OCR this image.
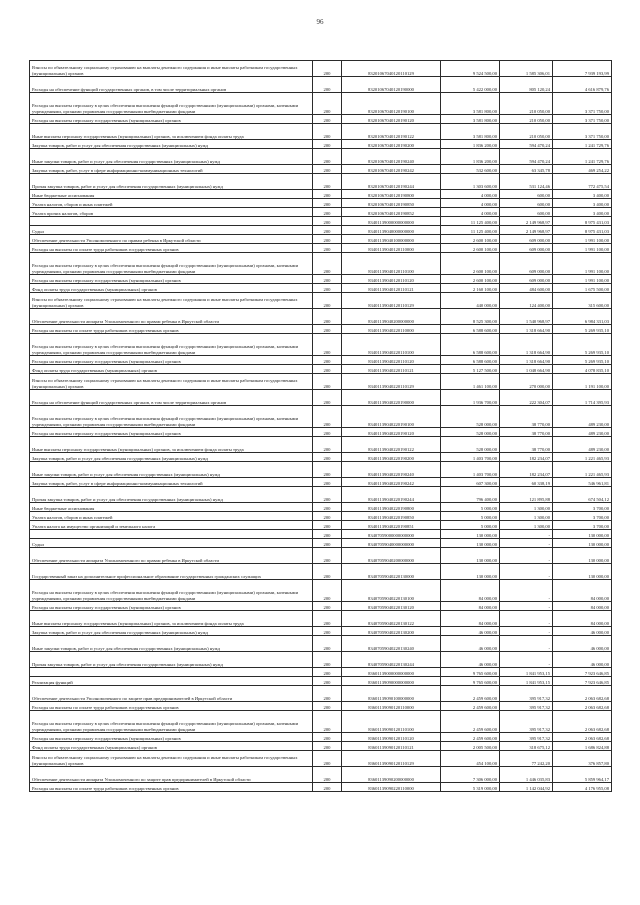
96
Взносы по обязательному социальному страхованию на выплаты денежного содержания и иные выплаты работникам государственных (муниципальных) органов	200	83201067040120110129	9 524 500,00	1 585 306,01	7 939 193,99
Расходы на обеспечение функций государственных органов, в том числе территориальных органов	200	83201067040120190000	5 422 000,00	805 120,24	4 616 879,76
Расходы на выплаты персоналу в целях обеспечения выполнения функций государственными (муниципальными) органами, казенными учреждениями, органами управления государственными внебюджетными фондами	200	83201067040120190100	3 581 800,00	210 050,00	3 371 750,00
Расходы на выплаты персоналу государственных (муниципальных) органов	200	83201067040120190120	3 581 800,00	210 050,00	3 371 750,00
Иные выплаты персоналу государственных (муниципальных) органов, за исключением фонда оплаты труда	200	83201067040120190122	3 581 800,00	210 050,00	3 371 750,00
Закупка товаров, работ и услуг для обеспечения государственных (муниципальных) нужд	200	83201067040120190200	1 836 200,00	594 470,24	1 241 729,76
Иные закупки товаров, работ и услуг для обеспечения государственных (муниципальных) нужд	200	83201067040120190240	1 836 200,00	594 470,24	1 241 729,76
Закупка товаров, работ, услуг в сфере информационно-коммуникационных технологий	200	83201067040120190242	532 600,00	63 345,78	469 254,22
Прочая закупка товаров, работ и услуг для обеспечения государственных (муниципальных) нужд	200	83201067040120190244	1 303 600,00	531 124,46	772 475,54
Иные бюджетные ассигнования	200	83201067040120190800	4 000,00	600,00	3 400,00
Уплата налогов, сборов и иных платежей	200	83201067040120190850	4 000,00	600,00	3 400,00
Уплата прочих налогов, сборов	200	83201067040120190852	4 000,00	600,00	3 400,00
	200	83401139000000000000	11 125 400,00	2 149 968,97	8 975 431,03
Судьи	200	83401139040000000000	11 125 400,00	2 149 968,97	8 975 431,03
Обеспечение деятельности Уполномоченного по правам ребенка в Иркутской области	200	83401139040100000000	2 600 100,00	609 000,00	1 991 100,00
Расходы на выплаты по оплате труда работников государственных органов	200	83401139040120110000	2 600 100,00	609 000,00	1 991 100,00
Расходы на выплаты персоналу в целях обеспечения выполнения функций государственными (муниципальными) органами, казенными учреждениями, органами управления государственными внебюджетными фондами	200	83401139040120110100	2 600 100,00	609 000,00	1 991 100,00
Расходы на выплаты персоналу государственных (муниципальных) органов	200	83401139040120110120	2 600 100,00	609 000,00	1 991 100,00
Фонд оплаты труда государственных (муниципальных) органов	200	83401139040120110121	2 160 100,00	484 600,00	1 675 500,00
Взносы по обязательному социальному страхованию на выплаты денежного содержания и иные выплаты работникам государственных (муниципальных) органов	200	83401139040120110129	440 000,00	124 400,00	315 600,00
Обеспечение деятельности аппарата Уполномоченного по правам ребенка в Иркутской области	200	83401139040200000000	8 525 300,00	1 540 968,97	6 984 331,03
Расходы на выплаты по оплате труда работников государственных органов	200	83401139040220110000	6 588 600,00	1 318 664,90	5 269 935,10
Расходы на выплаты персоналу в целях обеспечения выполнения функций государственными (муниципальными) органами, казенными учреждениями, органами управления государственными внебюджетными фондами	200	83401139040220110100	6 588 600,00	1 318 664,90	5 269 935,10
Расходы на выплаты персоналу государственных (муниципальных) органов	200	83401139040220110120	6 588 600,00	1 318 664,90	5 269 935,10
Фонд оплаты труда государственных (муниципальных) органов	200	83401139040220110121	5 127 500,00	1 048 664,90	4 078 835,10
Взносы по обязательному социальному страхованию на выплаты денежного содержания и иные выплаты работникам государственных (муниципальных) органов	200	83401139040220110129	1 461 100,00	270 000,00	1 191 100,00
Расходы на обеспечение функций государственных органов, в том числе территориальных органов	200	83401139040220190000	1 936 700,00	222 304,07	1 714 395,93
Расходы на выплаты персоналу в целях обеспечения выполнения функций государственными (муниципальными) органами, казенными учреждениями, органами управления государственными внебюджетными фондами	200	83401139040220190100	528 000,00	38 770,00	489 230,00
Расходы на выплаты персоналу государственных (муниципальных) органов	200	83401139040220190120	528 000,00	38 770,00	489 230,00
Иные выплаты персоналу государственных (муниципальных) органов, за исключением фонда оплаты труда	200	83401139040220190122	528 000,00	38 770,00	489 230,00
Закупка товаров, работ и услуг для обеспечения государственных (муниципальных) нужд	200	83401139040220190200	1 403 700,00	182 234,07	1 221 465,93
Иные закупки товаров, работ и услуг для обеспечения государственных (муниципальных) нужд	200	83401139040220190240	1 403 700,00	182 234,07	1 221 465,93
Закупка товаров, работ, услуг в сфере информационно-коммуникационных технологий	200	83401139040220190242	607 300,00	60 338,19	546 961,81
Прочая закупка товаров, работ и услуг для обеспечения государственных (муниципальных) нужд	200	83401139040220190244	796 400,00	121 895,88	674 504,12
Иные бюджетные ассигнования	200	83401139040220190800	5 000,00	1 300,00	3 700,00
Уплата налогов, сборов и иных платежей	200	83401139040220190850	5 000,00	1 300,00	3 700,00
Уплата налога на имущество организаций и земельного налога	200	83401139040220190851	5 000,00	1 300,00	3 700,00
	200	83407059000000000000	130 000,00	-	130 000,00
Судьи	200	83407059040000000000	130 000,00	-	130 000,00
Обеспечение деятельности аппарата Уполномоченного по правам ребенка в Иркутской области	200	83407059040200000000	130 000,00	-	130 000,00
Государственный заказ на дополнительное профессиональное образование государственных гражданских служащих	200	83407059040220130000	130 000,00	-	130 000,00
Расходы на выплаты персоналу в целях обеспечения выполнения функций государственными (муниципальными) органами, казенными учреждениями, органами управления государственными внебюджетными фондами	200	83407059040220130100	84 000,00	-	84 000,00
Расходы на выплаты персоналу государственных (муниципальных) органов	200	83407059040220130120	84 000,00	-	84 000,00
Иные выплаты персоналу государственных (муниципальных) органов, за исключением фонда оплаты труда	200	83407059040220130122	84 000,00	-	84 000,00
Закупка товаров, работ и услуг для обеспечения государственных (муниципальных) нужд	200	83407059040220130200	46 000,00	-	46 000,00
Иные закупки товаров, работ и услуг для обеспечения государственных (муниципальных) нужд	200	83407059040220130240	46 000,00	-	46 000,00
Прочая закупка товаров, работ и услуг для обеспечения государственных (муниципальных) нужд	200	83407059040220130244	46 000,00	-	46 000,00
	200	83601139000000000000	9 765 600,00	1 841 953,15	7 923 646,85
Реализация функций	200	83601139090000000000	9 765 600,00	1 841 953,15	7 923 646,85
Обеспечение деятельности Уполномоченного по защите прав предпринимателей в Иркутской области	200	83601139090100000000	2 459 600,00	395 917,32	2 063 682,68
Расходы на выплаты по оплате труда работников государственных органов	200	83601139090120110000	2 459 600,00	395 917,32	2 063 682,68
Расходы на выплаты персоналу в целях обеспечения выполнения функций государственными (муниципальными) органами, казенными учреждениями, органами управления государственными внебюджетными фондами	200	83601139090120110100	2 459 600,00	395 917,32	2 063 682,68
Расходы на выплаты персоналу государственных (муниципальных) органов	200	83601139090120110120	2 459 600,00	395 917,32	2 063 682,68
Фонд оплаты труда государственных (муниципальных) органов	200	83601139090120110121	2 005 500,00	318 675,12	1 686 824,88
Взносы по обязательному социальному страхованию на выплаты денежного содержания и иные выплаты работникам государственных (муниципальных) органов	200	83601139090120110129	454 100,00	77 242,20	376 857,80
Обеспечение деятельности аппарата Уполномоченного по защите прав предпринимателей в Иркутской области	200	83601139090200000000	7 306 000,00	1 446 035,83	5 859 964,17
Расходы на выплаты по оплате труда работников государственных органов	200	83601139090220110000	5 319 000,00	1 142 044,92	4 176 955,08
